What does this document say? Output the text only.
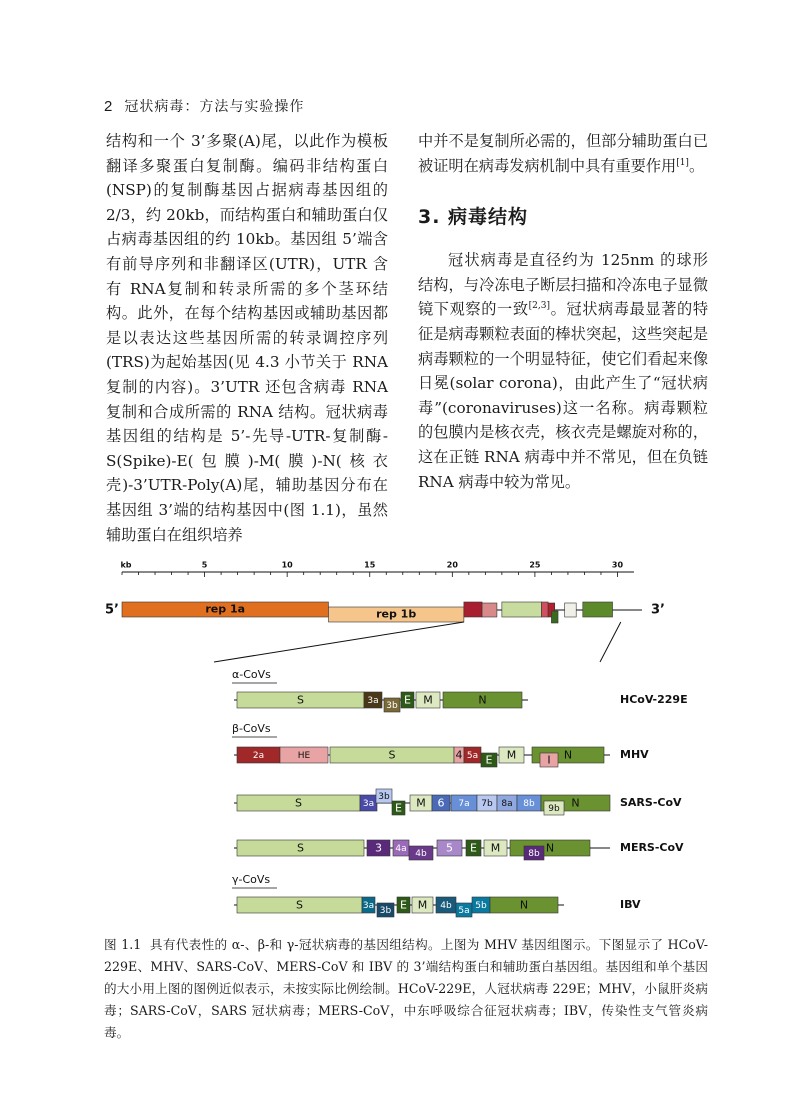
2 冠状病毒：方法与实验操作

结构和一个 3’多聚(A)尾，以此作为模板翻译多聚蛋白复制酶。编码非结构蛋白(NSP)的复制酶基因占据病毒基因组的 2/3，约 20kb，而结构蛋白和辅助蛋白仅占病毒基因组的约 10kb。基因组 5’端含有前导序列和非翻译区(UTR)，UTR 含有 RNA复制和转录所需的多个茎环结构。此外，在每个结构基因或辅助基因都是以表达这些基因所需的转录调控序列(TRS)为起始基因(见 4.3 小节关于 RNA 复制的内容)。3’UTR 还包含病毒 RNA 复制和合成所需的 RNA 结构。冠状病毒基因组的结构是 5’-先导-UTR-复制酶-S(Spike)-E(包膜)-M(膜)-N(核衣壳)-3’UTR-Poly(A)尾，辅助基因分布在基因组 3’端的结构基因中(图 1.1)，虽然辅助蛋白在组织培养

中并不是复制所必需的，但部分辅助蛋白已被证明在病毒发病机制中具有重要作用[1]。

3. 病毒结构

冠状病毒是直径约为 125nm 的球形结构，与冷冻电子断层扫描和冷冻电子显微镜下观察的一致[2,3]。冠状病毒最显著的特征是病毒颗粒表面的棒状突起，这些突起是病毒颗粒的一个明显特征，使它们看起来像日冕(solar corona)，由此产生了“冠状病毒”(coronaviruses)这一名称。病毒颗粒的包膜内是核衣壳，核衣壳是螺旋对称的，这在正链 RNA 病毒中并不常见，但在负链 RNA 病毒中较为常见。

kb	5	10	15	20	25	30
5’	3’
rep 1a	rep 1b
α-CoVs
β-CoVs
γ-CoVs
S	3a 3b E M	N	HCoV-229E
2a	HE	S	4 5a E M	N
I	MHV
S	3a
3b
E M 6 7a 7b 8a 8b	N
9b	SARS-CoV
S	3 4a 4b 5 E M	N
8b	MERS-CoV
S	3a 3b E M 4b 5a 5b	N	IBV

图 1.1 具有代表性的 α-、β-和 γ-冠状病毒的基因组结构。上图为 MHV 基因组图示。下图显示了 HCoV-229E、MHV、SARS-CoV、MERS-CoV 和 IBV 的 3’端结构蛋白和辅助蛋白基因组。基因组和单个基因的大小用上图的图例近似表示，未按实际比例绘制。HCoV-229E，人冠状病毒 229E；MHV，小鼠肝炎病毒；SARS-CoV，SARS 冠状病毒；MERS-CoV，中东呼吸综合征冠状病毒；IBV，传染性支气管炎病毒。
